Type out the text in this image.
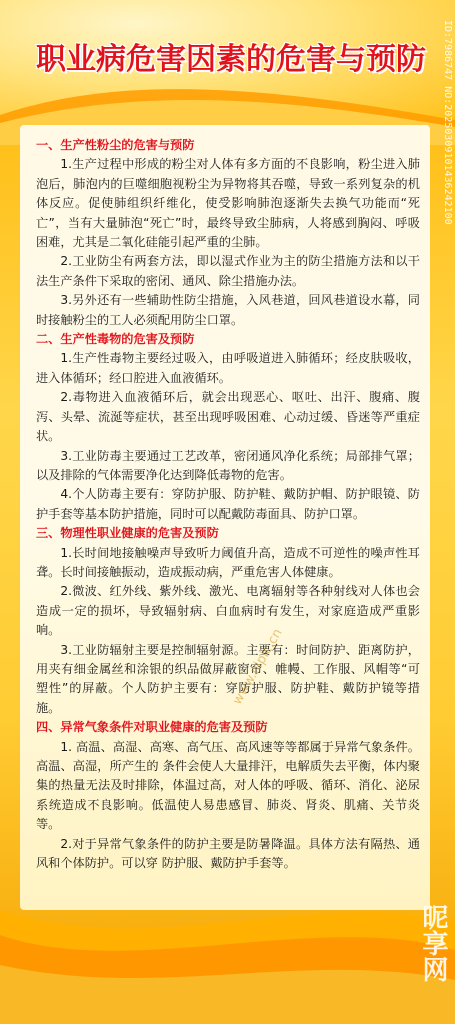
职业病危害因素的危害与预防

一、生产性粉尘的危害与预防

1.生产过程中形成的粉尘对人体有多方面的不良影响，粉尘进入肺泡后，肺泡内的巨噬细胞视粉尘为异物将其吞噬，导致一系列复杂的机体反应。促使肺组织纤维化，使受影响肺泡逐渐失去换气功能而“死亡”，当有大量肺泡“死亡”时，最终导致尘肺病，人将感到胸闷、呼吸困难，尤其是二氧化硅能引起严重的尘肺。

2.工业防尘有两套方法，即以湿式作业为主的防尘措施方法和以干法生产条件下采取的密闭、通风、除尘措施办法。

3.另外还有一些辅助性防尘措施，入风巷道，回风巷道设水幕，同时接触粉尘的工人必须配用防尘口罩。

二、生产性毒物的危害及预防

1.生产性毒物主要经过吸入，由呼吸道进入肺循环；经皮肤吸收，进入体循环；经口腔进入血液循环。

2.毒物进入血液循环后，就会出现恶心、呕吐、出汗、腹痛、腹泻、头晕、流涎等症状，甚至出现呼吸困难、心动过缓、昏迷等严重症状。

3.工业防毒主要通过工艺改革，密闭通风净化系统；局部排气罩；以及排除的气体需要净化达到降低毒物的危害。

4.个人防毒主要有：穿防护服、防护鞋、戴防护帽、防护眼镜、防护手套等基本防护措施，同时可以配戴防毒面具、防护口罩。

三、物理性职业健康的危害及预防

1.长时间地接触噪声导致听力阈值升高，造成不可逆性的噪声性耳聋。长时间接触振动，造成振动病，严重危害人体健康。

2.微波、红外线、紫外线、激光、电离辐射等各种射线对人体也会造成一定的损坏，导致辐射病、白血病时有发生，对家庭造成严重影响。

3.工业防辐射主要是控制辐射源。主要有：时间防护、距离防护，用夹有细金属丝和涂银的织品做屏蔽窗帘、帷幔、工作服、风帽等“可塑性”的屏蔽。个人防护主要有：穿防护服、防护鞋、戴防护镜等措施。

四、异常气象条件对职业健康的危害及预防

1. 高温、高湿、高寒、高气压、高风速等等都属于异常气象条件。高温、高湿，所产生的 条件会使人大量排汗，电解质失去平衡，体内聚集的热量无法及时排除，体温过高，对人体的呼吸、循环、消化、泌尿系统造成不良影响。低温使人易患感冒、肺炎、肾炎、肌痛、关节炎等。

2.对于异常气象条件的防护主要是防暑降温。具体方法有隔热、通风和个体防护。可以穿 防护服、戴防护手套等。

ID:7986747 NO:20250309101436242100
www.nipic.cn
昵享网
